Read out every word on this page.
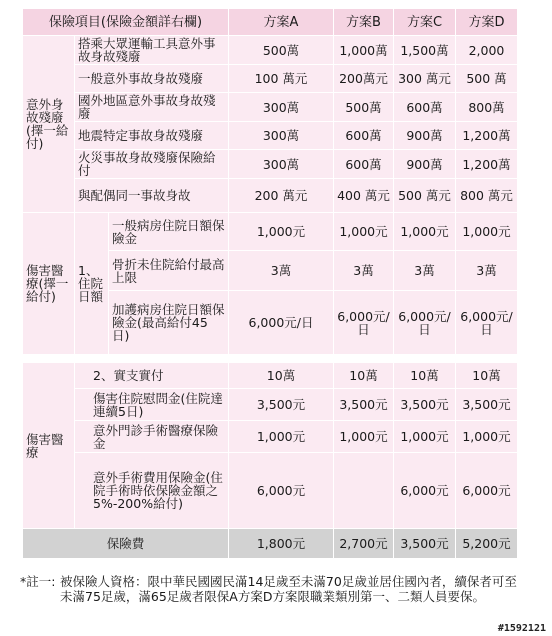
保險項目(保險金額詳右欄)			方案A	方案B	方案C	方案D
意外身故殘廢(擇一給付)	搭乘大眾運輸工具意外事故身故殘廢		500萬	1,000萬	1,500萬	2,000
	一般意外事故身故殘廢		100 萬元	200萬元	300 萬元	500 萬
	國外地區意外事故身故殘廢		300萬	500萬	600萬	800萬
	地震特定事故身故殘廢		300萬	600萬	900萬	1,200萬
	火災事故身故殘廢保險給付		300萬	600萬	900萬	1,200萬
	與配偶同一事故身故		200 萬元	400 萬元	500 萬元	800 萬元
傷害醫療(擇一給付)	1、住院日額	一般病房住院日額保險金	1,000元	1,000元	1,000元	1,000元
		骨折未住院給付最高上限	3萬	3萬	3萬	3萬
		加護病房住院日額保險金(最高給付45日)	6,000元/日	6,000元/日	6,000元/日	6,000元/日
傷害醫療	2、實支實付	10萬	10萬	10萬	10萬
	傷害住院慰問金(住院達連續5日)	3,500元	3,500元	3,500元	3,500元
	意外門診手術醫療保險金	1,000元	1,000元	1,000元	1,000元
	意外手術費用保險金(住院手術時依保險金額之5%-200%給付)	6,000元		6,000元	6,000元
保險費		1,800元	2,700元	3,500元	5,200元
*註一: 被保險人資格：限中華民國國民滿14足歲至未滿70足歲並居住國內者，續保者可至未滿75足歲，滿65足歲者限保A方案D方案限職業類別第一、二類人員要保。
#1592121
